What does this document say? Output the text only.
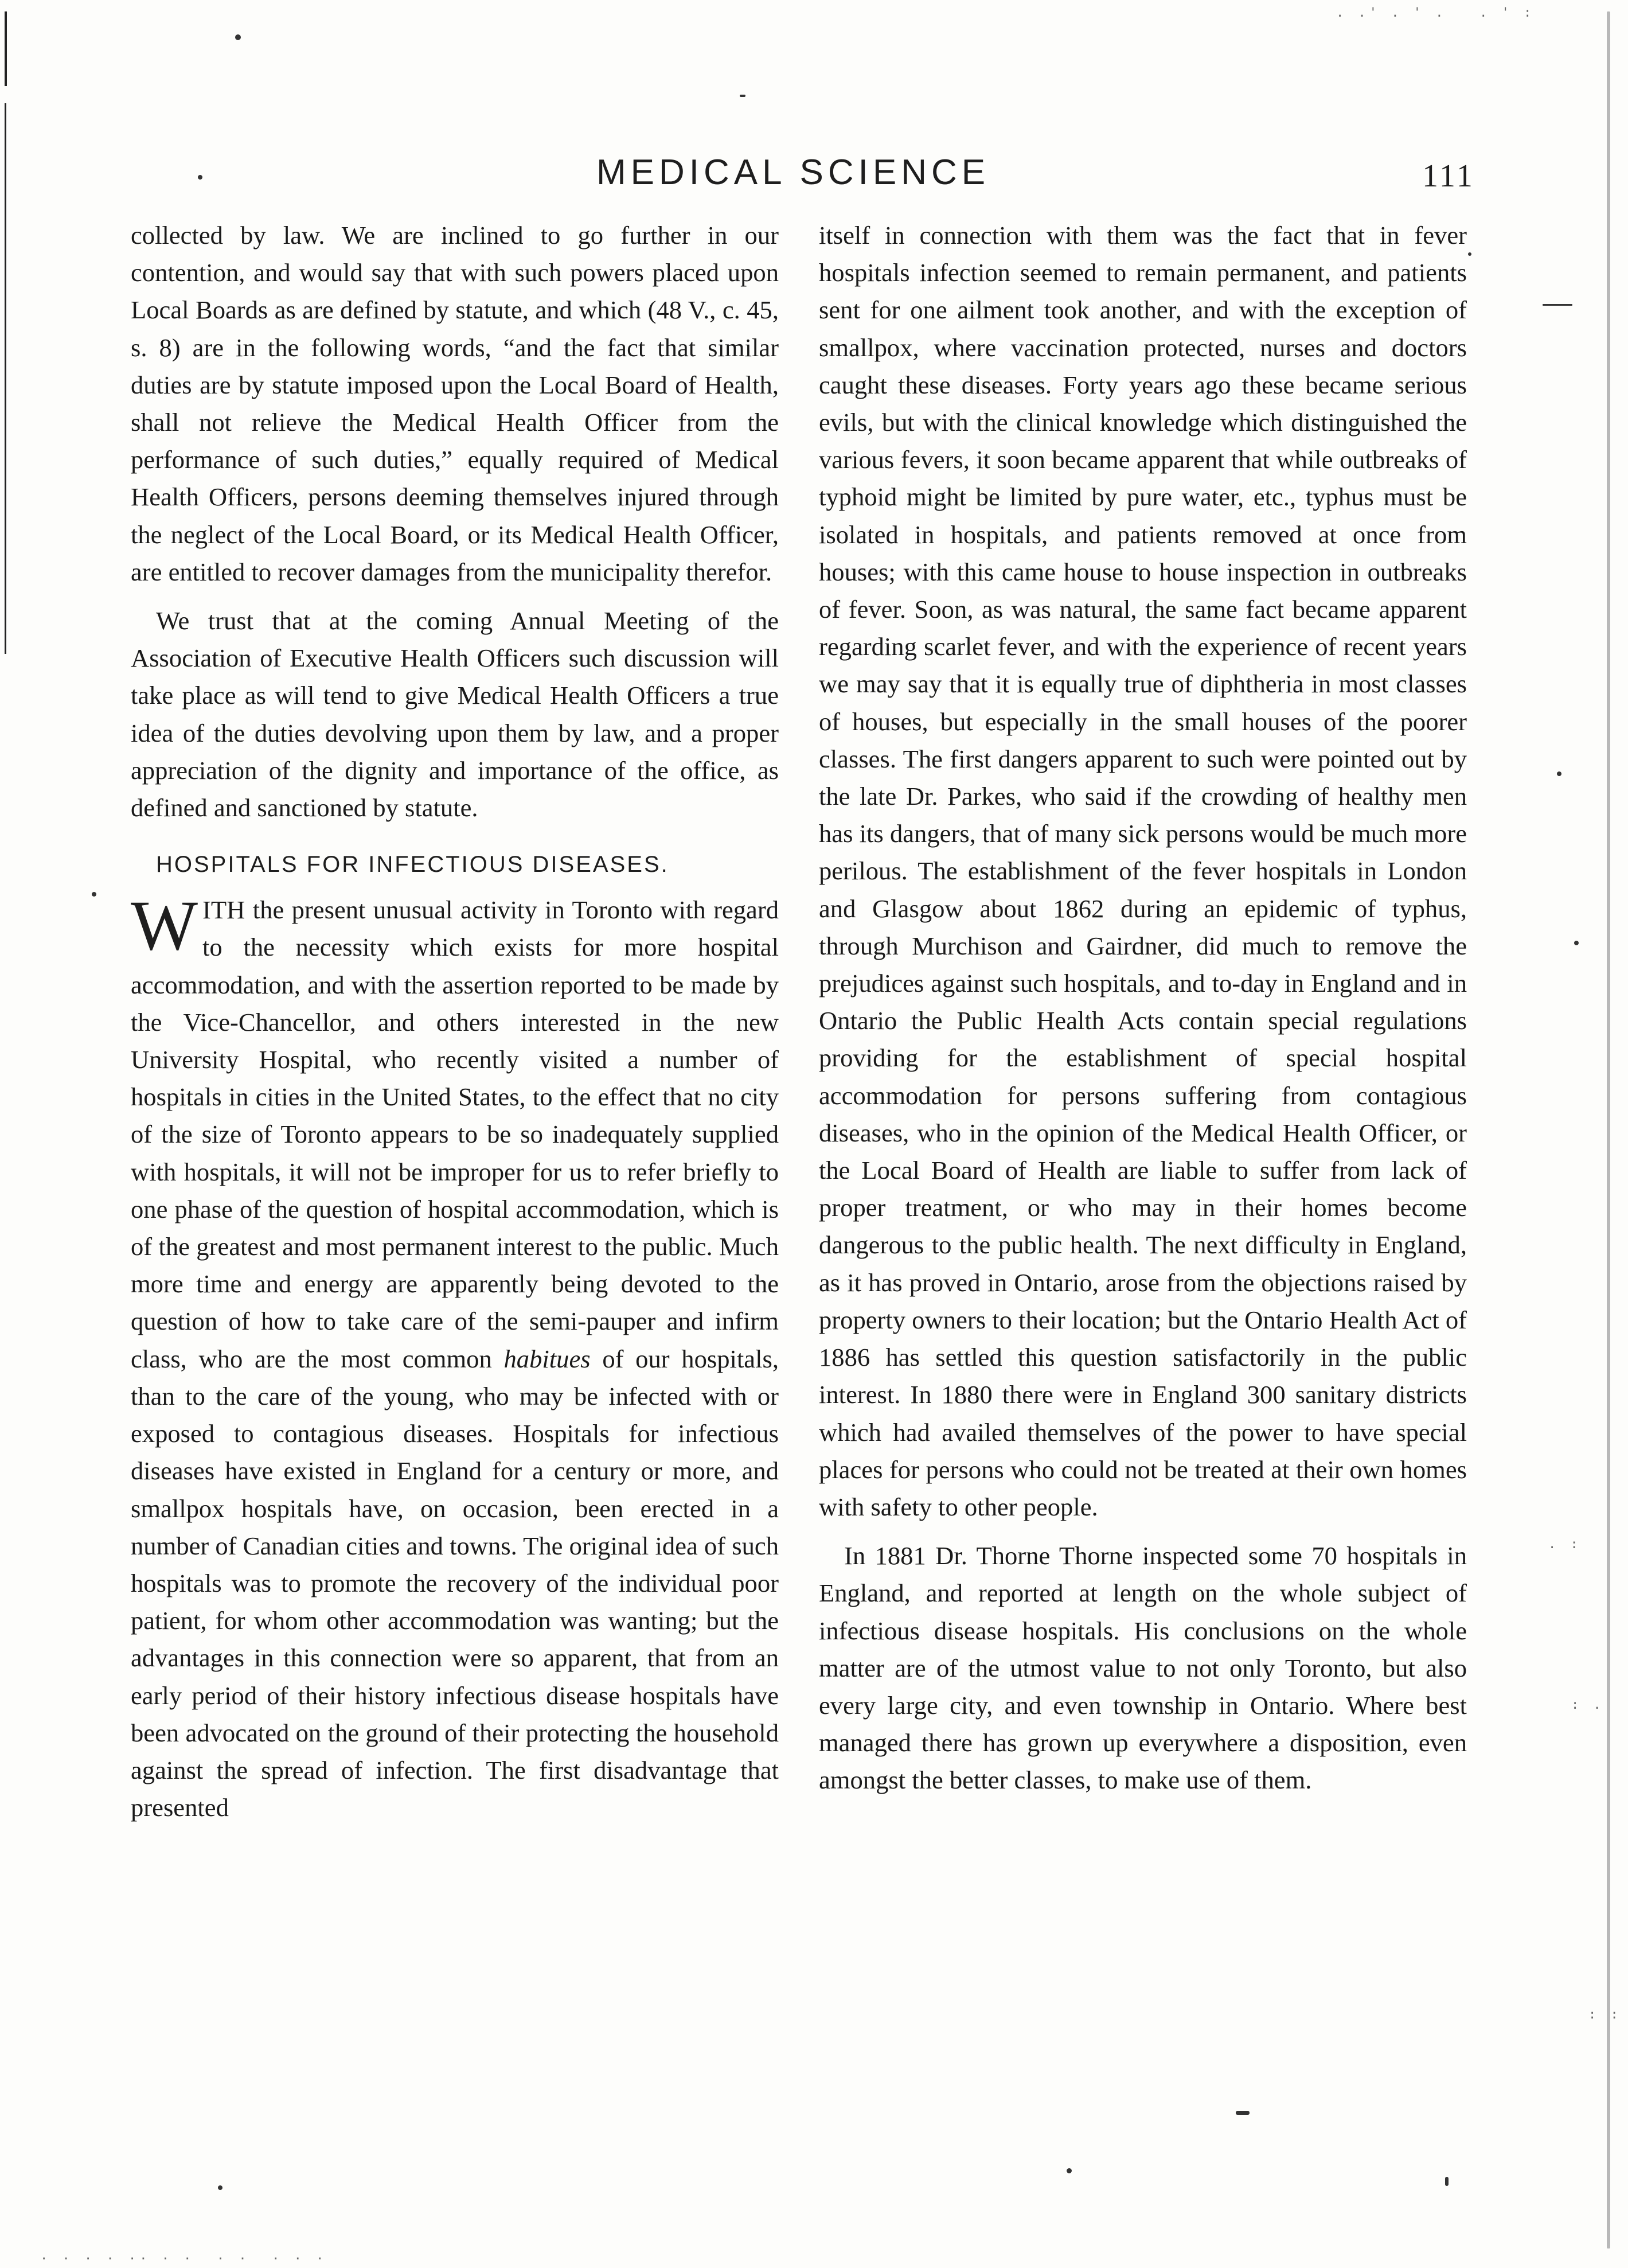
. .' . ' .   . ' :
. . . . .. . .  . .  . . .
. :
: .
: :
MEDICAL SCIENCE	111

collected by law. We are inclined to go further in our contention, and would say that with such powers placed upon Local Boards as are defined by statute, and which (48 V., c. 45, s. 8) are in the following words, “and the fact that similar duties are by statute imposed upon the Local Board of Health, shall not relieve the Medical Health Officer from the performance of such duties,” equally required of Medical Health Officers, persons deeming themselves injured through the neglect of the Local Board, or its Medical Health Officer, are entitled to recover damages from the municipality therefor.

We trust that at the coming Annual Meeting of the Association of Executive Health Officers such discussion will take place as will tend to give Medical Health Officers a true idea of the duties devolving upon them by law, and a proper appreciation of the dignity and importance of the office, as defined and sanctioned by statute.

HOSPITALS FOR INFECTIOUS DISEASES.

WITH the present unusual activity in Toronto with regard to the necessity which exists for more hospital accommodation, and with the assertion reported to be made by the Vice-Chancellor, and others interested in the new University Hospital, who recently visited a number of hospitals in cities in the United States, to the effect that no city of the size of Toronto appears to be so inadequately supplied with hospitals, it will not be improper for us to refer briefly to one phase of the question of hospital accommodation, which is of the greatest and most permanent interest to the public. Much more time and energy are apparently being devoted to the question of how to take care of the semi-pauper and infirm class, who are the most common habitues of our hospitals, than to the care of the young, who may be infected with or exposed to contagious diseases. Hospitals for infectious diseases have existed in England for a century or more, and smallpox hospitals have, on occasion, been erected in a number of Canadian cities and towns. The original idea of such hospitals was to promote the recovery of the individual poor patient, for whom other accommodation was wanting; but the advantages in this connection were so apparent, that from an early period of their history infectious disease hospitals have been advocated on the ground of their protecting the household against the spread of infection. The first disadvantage that presented

itself in connection with them was the fact that in fever hospitals infection seemed to remain permanent, and patients sent for one ailment took another, and with the exception of smallpox, where vaccination protected, nurses and doctors caught these diseases. Forty years ago these became serious evils, but with the clinical knowledge which distinguished the various fevers, it soon became apparent that while outbreaks of typhoid might be limited by pure water, etc., typhus must be isolated in hospitals, and patients removed at once from houses; with this came house to house inspection in outbreaks of fever. Soon, as was natural, the same fact became apparent regarding scarlet fever, and with the experience of recent years we may say that it is equally true of diphtheria in most classes of houses, but especially in the small houses of the poorer classes. The first dangers apparent to such were pointed out by the late Dr. Parkes, who said if the crowding of healthy men has its dangers, that of many sick persons would be much more perilous. The establishment of the fever hospitals in London and Glasgow about 1862 during an epidemic of typhus, through Murchison and Gairdner, did much to remove the prejudices against such hospitals, and to-day in England and in Ontario the Public Health Acts contain special regulations providing for the establishment of special hospital accommodation for persons suffering from contagious diseases, who in the opinion of the Medical Health Officer, or the Local Board of Health are liable to suffer from lack of proper treatment, or who may in their homes become dangerous to the public health. The next difficulty in England, as it has proved in Ontario, arose from the objections raised by property owners to their location; but the Ontario Health Act of 1886 has settled this question satisfactorily in the public interest. In 1880 there were in England 300 sanitary districts which had availed themselves of the power to have special places for persons who could not be treated at their own homes with safety to other people.

In 1881 Dr. Thorne Thorne inspected some 70 hospitals in England, and reported at length on the whole subject of infectious disease hospitals. His conclusions on the whole matter are of the utmost value to not only Toronto, but also every large city, and even township in Ontario. Where best managed there has grown up everywhere a disposition, even amongst the better classes, to make use of them.
